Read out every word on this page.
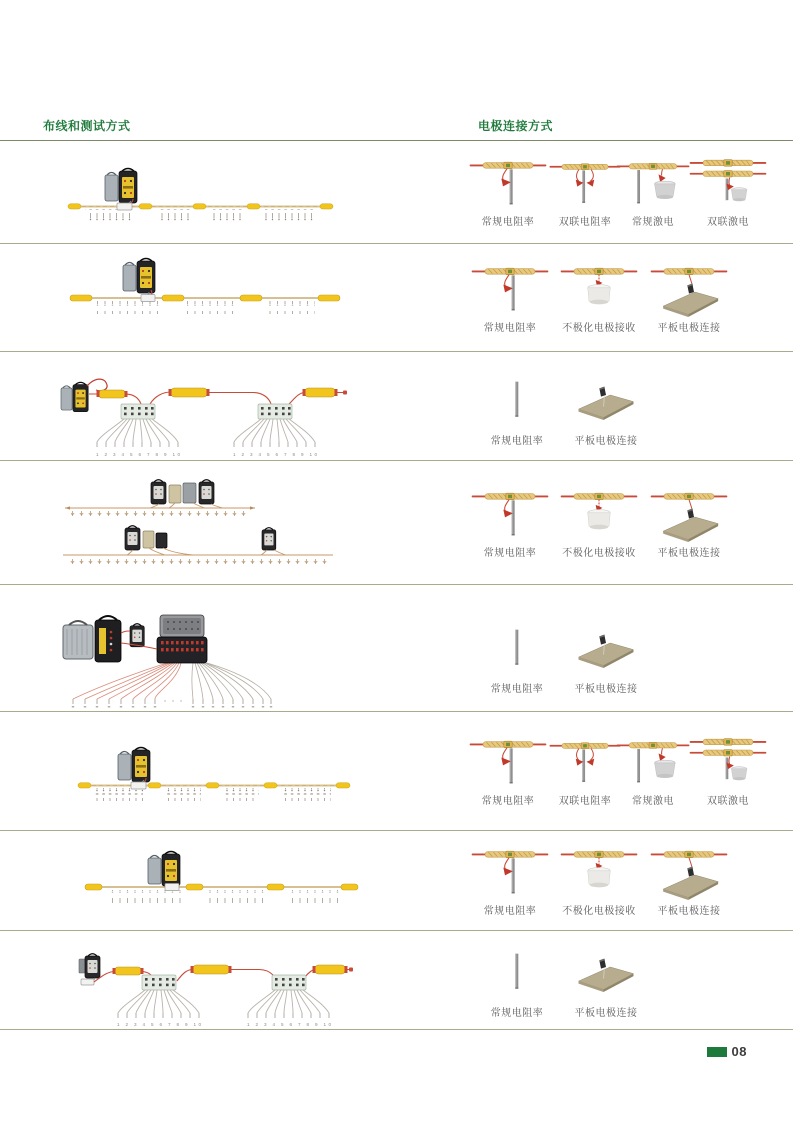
布线和测试方式	电极连接方式
常规电阻率 双联电阻率 常规激电	双联激电
常规电阻率	不极化电极接收 平板电极连接
1 2 3 4 5 6 7 8 9 10	1 2 3 4 5 6 7 8 9 10
常规电阻率	平板电极连接
常规电阻率	不极化电极接收 平板电极连接
常规电阻率	平板电极连接
常规电阻率 双联电阻率 常规激电	双联激电
常规电阻率	不极化电极接收 平板电极连接
1 2 3 4 5 6 7 8 9 10	1 2 3 4 5 6 7 8 9 10
常规电阻率	平板电极连接
08
